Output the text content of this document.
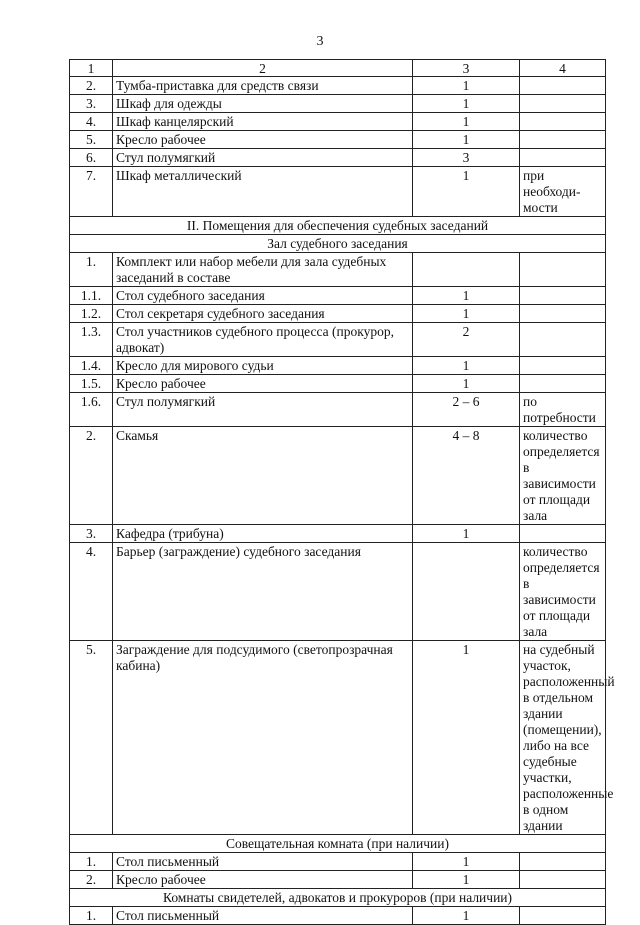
3
1	2	3	4
2.	Тумба-приставка для средств связи	1	
3.	Шкаф для одежды	1	
4.	Шкаф канцелярский	1	
5.	Кресло рабочее	1	
6.	Стул полумягкий	3	
7.	Шкаф металлический	1	при необходи-мости
II. Помещения для обеспечения судебных заседаний			
Зал судебного заседания			
1.	Комплект или набор мебели для зала судебных заседаний в составе		
1.1.	Стол судебного заседания	1	
1.2.	Стол секретаря судебного заседания	1	
1.3.	Стол участников судебного процесса (прокурор, адвокат)	2	
1.4.	Кресло для мирового судьи	1	
1.5.	Кресло рабочее	1	
1.6.	Стул полумягкий	2 – 6	по потребности
2.	Скамья	4 – 8	количество определяется в зависимости от площади зала
3.	Кафедра (трибуна)	1	
4.	Барьер (заграждение) судебного заседания		количество определяется в зависимости от площади зала
5.	Заграждение для подсудимого (светопрозрачная кабина)	1	на судебный участок, расположенный в отдельном здании (помещении), либо на все судебные участки, расположенные в одном здании
Совещательная комната (при наличии)			
1.	Стол письменный	1	
2.	Кресло рабочее	1	
Комнаты свидетелей, адвокатов и прокуроров (при наличии)			
1.	Стол письменный	1	
